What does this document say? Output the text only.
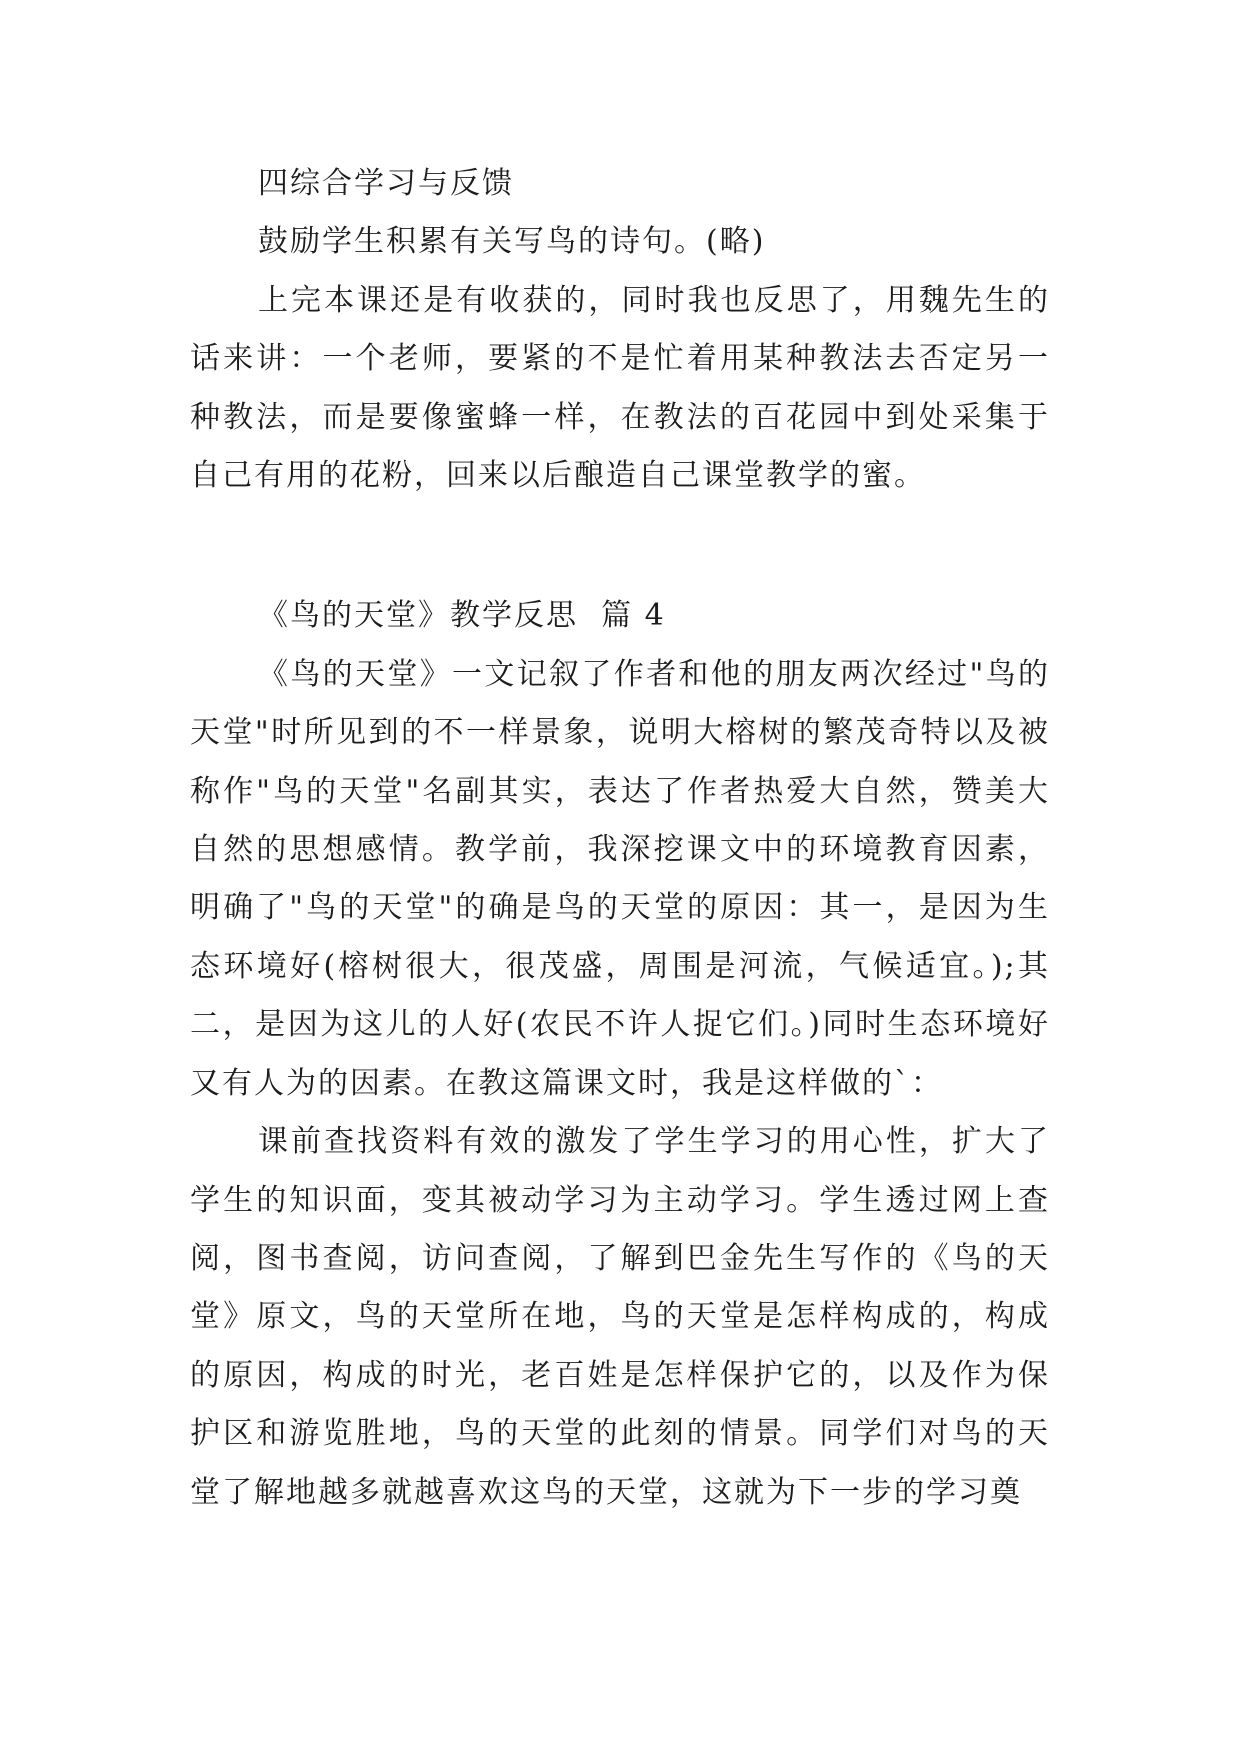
四综合学习与反馈

鼓励学生积累有关写鸟的诗句。(略)

上完本课还是有收获的，同时我也反思了，用魏先生的话来讲：一个老师，要紧的不是忙着用某种教法去否定另一种教法，而是要像蜜蜂一样，在教法的百花园中到处采集于自己有用的花粉，回来以后酿造自己课堂教学的蜜。

《鸟的天堂》教学反思  篇 4

《鸟的天堂》一文记叙了作者和他的朋友两次经过"鸟的天堂"时所见到的不一样景象，说明大榕树的繁茂奇特以及被称作"鸟的天堂"名副其实，表达了作者热爱大自然，赞美大自然的思想感情。教学前，我深挖课文中的环境教育因素，明确了"鸟的天堂"的确是鸟的天堂的原因：其一，是因为生态环境好(榕树很大，很茂盛，周围是河流，气候适宜。);其二，是因为这儿的人好(农民不许人捉它们。)同时生态环境好又有人为的因素。在教这篇课文时，我是这样做的`：

课前查找资料有效的激发了学生学习的用心性，扩大了学生的知识面，变其被动学习为主动学习。学生透过网上查阅，图书查阅，访问查阅，了解到巴金先生写作的《鸟的天堂》原文，鸟的天堂所在地，鸟的天堂是怎样构成的，构成的原因，构成的时光，老百姓是怎样保护它的，以及作为保护区和游览胜地，鸟的天堂的此刻的情景。同学们对鸟的天堂了解地越多就越喜欢这鸟的天堂，这就为下一步的学习奠
